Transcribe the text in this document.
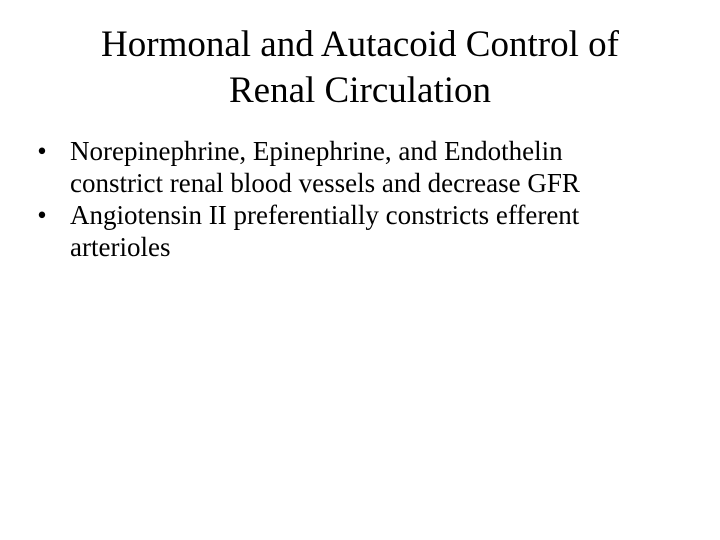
Hormonal and Autacoid Control of
Renal Circulation
• Norepinephrine, Epinephrine, and Endothelin
constrict renal blood vessels and decrease GFR
• Angiotensin II preferentially constricts efferent
arterioles
